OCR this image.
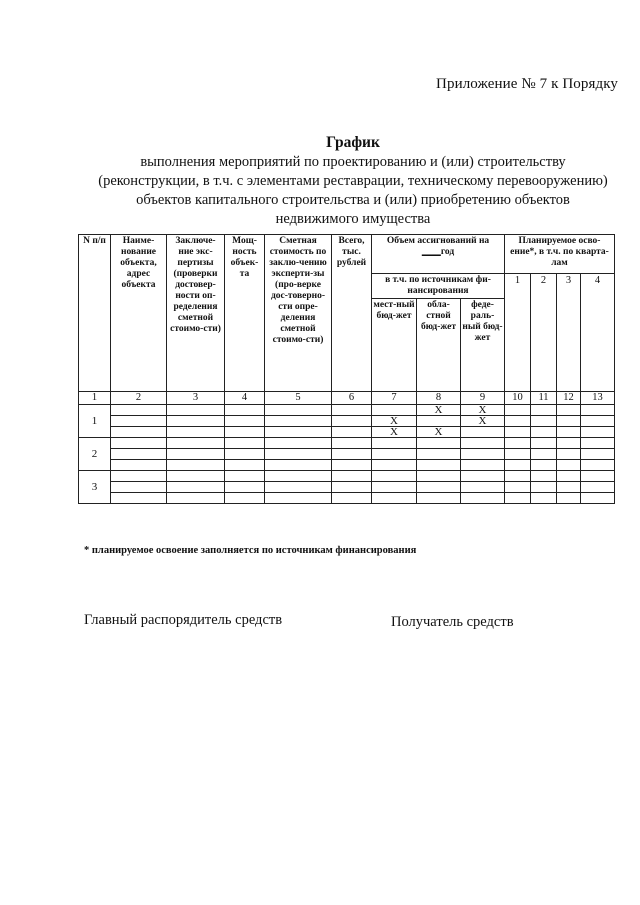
Приложение № 7 к Порядку
График
выполнения мероприятий по проектированию и (или) строительству
(реконструкции, в т.ч. с элементами реставрации, техническому перевооружению)
объектов капитального строительства и (или) приобретению объектов
недвижимого имущества
N п/п	Наиме-нование объекта, адрес объекта	Заключе-ние экс-пертизы (проверки достовер-ности оп-ределения сметной стоимо-сти)	Мощ-ность объек-та	Сметная стоимость по заклю-чению эксперти-зы (про-верке дос-товерно-сти опре-деления сметной стоимо-сти)	Всего, тыс. рублей	Объем ассигнований на ____год			Планируемое осво-ение*, в т.ч. по кварта-лам			
						в т.ч. по источникам фи-нансирования			1	2	3	4
						мест-ный бюд-жет	обла-стной бюд-жет	феде-раль-ный бюд-жет				
1	2	3	4	5	6	7	8	9	10	11	12	13
1							X	X				
						X		X				
						X	X					
2												

3												

* планируемое освоение заполняется по источникам финансирования
Главный распорядитель средств	Получатель средств
